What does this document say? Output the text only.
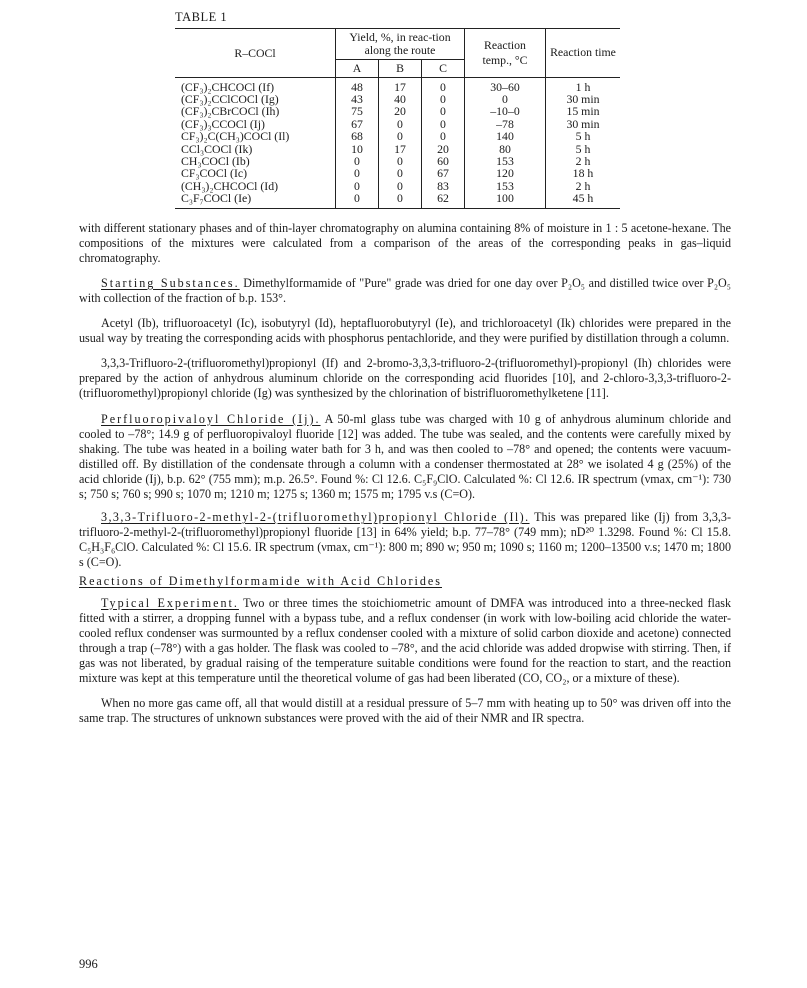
TABLE 1
R–COCl	Yield, %, in reac-tion along the route			Reaction temp., °C	Reaction time
	A	B	C		
(CF₃)₂CHCOCl (If)	48	17	0	30–60	1 h
(CF₃)₂CClCOCl (Ig)	43	40	0	0	30 min
(CF₃)₂CBrCOCl (Ih)	75	20	0	–10–0	15 min
(CF₃)₃CCOCl (Ij)	67	0	0	–78	30 min
CF₃)₂C(CH₃)COCl (Il)	68	0	0	140	5 h
CCl₃COCl (Ik)	10	17	20	80	5 h
CH₃COCl (Ib)	0	0	60	153	2 h
CF₃COCl (Ic)	0	0	67	120	18 h
(CH₃)₂CHCOCl (Id)	0	0	83	153	2 h
C₃F₇COCl (Ie)	0	0	62	100	45 h

with different stationary phases and of thin-layer chromatography on alumina containing 8% of moisture in 1 : 5 acetone-hexane. The compositions of the mixtures were calculated from a comparison of the areas of the corresponding peaks in gas–liquid chromatography.

Starting Substances. Dimethylformamide of "Pure" grade was dried for one day over P₂O₅ and distilled twice over P₂O₅ with collection of the fraction of b.p. 153°.

Acetyl (Ib), trifluoroacetyl (Ic), isobutyryl (Id), heptafluorobutyryl (Ie), and trichloroacetyl (Ik) chlorides were prepared in the usual way by treating the corresponding acids with phosphorus pentachloride, and they were purified by distillation through a column.

3,3,3-Trifluoro-2-(trifluoromethyl)propionyl (If) and 2-bromo-3,3,3-trifluoro-2-(trifluoromethyl)-propionyl (Ih) chlorides were prepared by the action of anhydrous aluminum chloride on the corresponding acid fluorides [10], and 2-chloro-3,3,3-trifluoro-2-(trifluoromethyl)propionyl chloride (Ig) was synthesized by the chlorination of bistrifluoromethylketene [11].

Perfluoropivaloyl Chloride (Ij). A 50-ml glass tube was charged with 10 g of anhydrous aluminum chloride and cooled to –78°; 14.9 g of perfluoropivaloyl fluoride [12] was added. The tube was sealed, and the contents were carefully mixed by shaking. The tube was heated in a boiling water bath for 3 h, and was then cooled to –78° and opened; the contents were vacuum-distilled off. By distillation of the condensate through a column with a condenser thermostated at 28° we isolated 4 g (25%) of the acid chloride (Ij), b.p. 62° (755 mm); m.p. 26.5°. Found %: Cl 12.6. C₅F₉ClO. Calculated %: Cl 12.6. IR spectrum (νmax, cm⁻¹): 730 s; 750 s; 760 s; 990 s; 1070 m; 1210 m; 1275 s; 1360 m; 1575 m; 1795 v.s (C=O).

3,3,3-Trifluoro-2-methyl-2-(trifluoromethyl)propionyl Chloride (Il). This was prepared like (Ij) from 3,3,3-trifluoro-2-methyl-2-(trifluoromethyl)propionyl fluoride [13] in 64% yield; b.p. 77–78° (749 mm); nD²⁰ 1.3298. Found %: Cl 15.8. C₅H₃F₆ClO. Calculated %: Cl 15.6. IR spectrum (νmax, cm⁻¹): 800 m; 890 w; 950 m; 1090 s; 1160 m; 1200–13500 v.s; 1470 m; 1800 s (C=O).

Reactions of Dimethylformamide with Acid Chlorides

Typical Experiment. Two or three times the stoichiometric amount of DMFA was introduced into a three-necked flask fitted with a stirrer, a dropping funnel with a bypass tube, and a reflux condenser (in work with low-boiling acid chloride the water-cooled reflux condenser was surmounted by a reflux condenser cooled with a mixture of solid carbon dioxide and acetone) connected through a trap (–78°) with a gas holder. The flask was cooled to –78°, and the acid chloride was added dropwise with stirring. Then, if gas was not liberated, by gradual raising of the temperature suitable conditions were found for the reaction to start, and the reaction mixture was kept at this temperature until the theoretical volume of gas had been liberated (CO, CO₂, or a mixture of these).

When no more gas came off, all that would distill at a residual pressure of 5–7 mm with heating up to 50° was driven off into the same trap. The structures of unknown substances were proved with the aid of their NMR and IR spectra.

996
